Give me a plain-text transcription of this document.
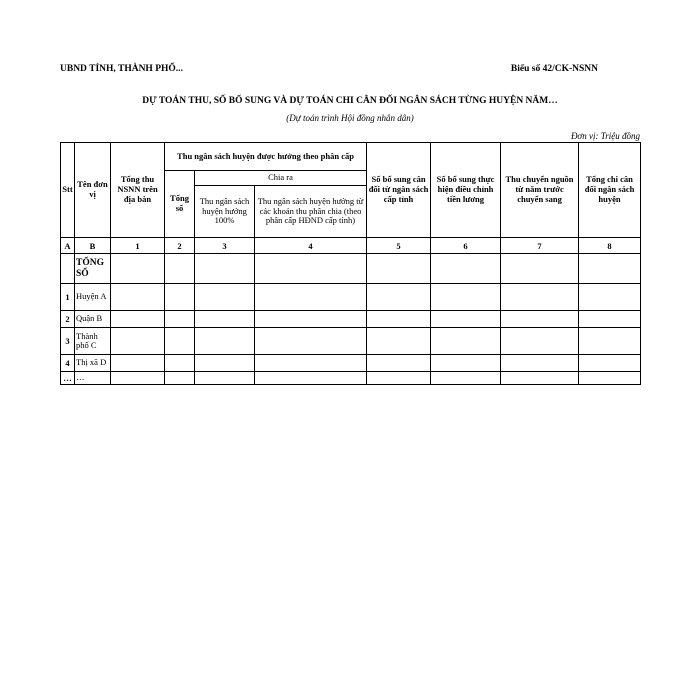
UBND TỈNH, THÀNH PHỐ...	Biểu số 42/CK-NSNN
DỰ TOÁN THU, SỐ BỔ SUNG VÀ DỰ TOÁN CHI CÂN ĐỐI NGÂN SÁCH TỪNG HUYỆN NĂM…
(Dự toán trình Hội đồng nhân dân)
Đơn vị: Triệu đồng
Stt	Tên đơn vị	Tổng thu NSNN trên địa bàn	Thu ngân sách huyện được hưởng theo phân cấp			Số bổ sung cân đối từ ngân sách cấp tỉnh	Số bổ sung thực hiện điều chỉnh tiền lương	Thu chuyển nguồn từ năm trước chuyển sang	Tổng chi cân đối ngân sách huyện
			Tổng số	Chia ra					
				Thu ngân sách huyện hưởng 100%	Thu ngân sách huyện hưởng từ các khoản thu phân chia (theo phân cấp HĐND cấp tỉnh)				
A	B	1	2	3	4	5	6	7	8
	TỔNG SỐ								
1	Huyện A								
2	Quận B								
3	Thành phố C								
4	Thị xã D								
…	…								
